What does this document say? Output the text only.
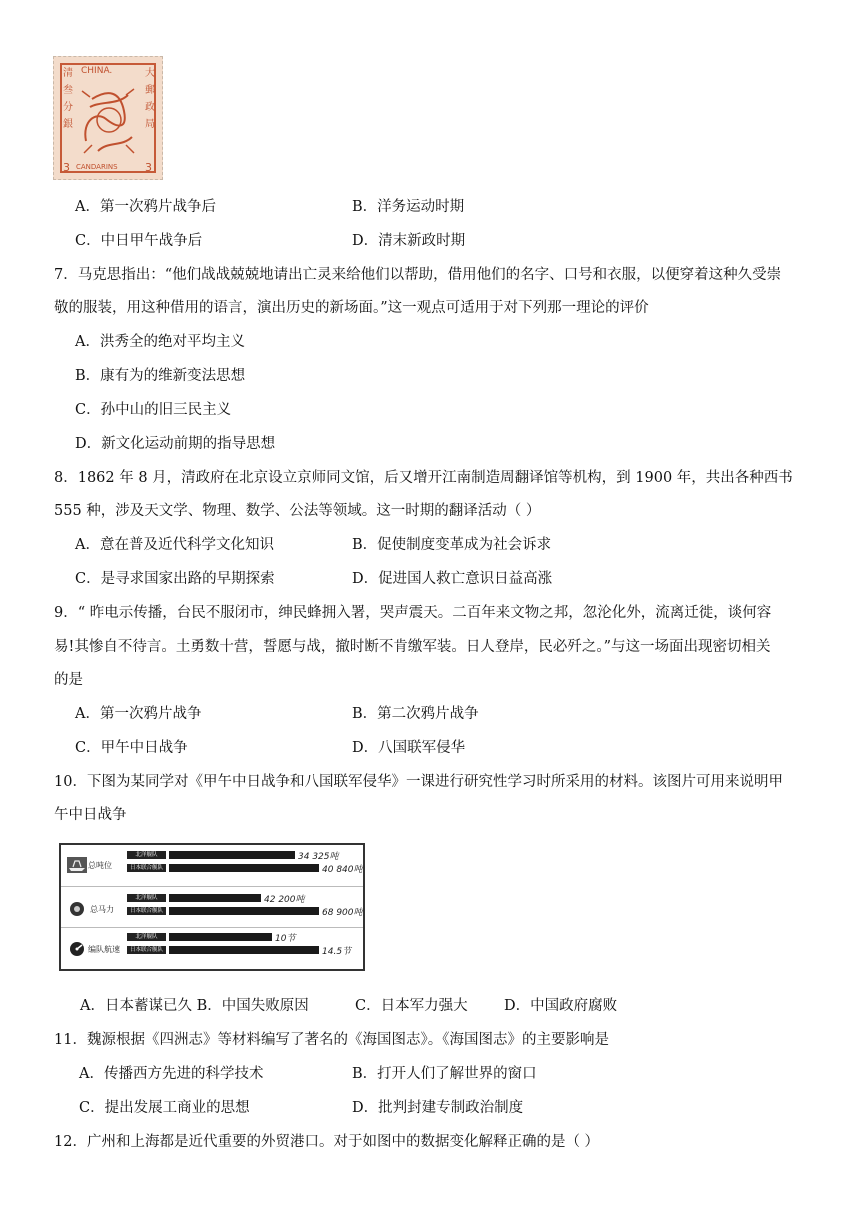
CHINA.
CANDARINS
3	3
清 叁分銀
大 郵政局
A．第一次鸦片战争后	B．洋务运动时期
C．中日甲午战争后	D．清末新政时期
7．马克思指出：“他们战战兢兢地请出亡灵来给他们以帮助，借用他们的名字、口号和衣服，以便穿着这种久受崇
敬的服装，用这种借用的语言，演出历史的新场面。”这一观点可适用于对下列那一理论的评价
A．洪秀全的绝对平均主义
B．康有为的维新变法思想
C．孙中山的旧三民主义
D．新文化运动前期的指导思想
8．1862 年 8 月，清政府在北京设立京师同文馆，后又增开江南制造周翻译馆等机构，到 1900 年，共出各种西书
555 种，涉及天文学、物理、数学、公法等领域。这一时期的翻译活动（ ）
A．意在普及近代科学文化知识	B．促使制度变革成为社会诉求
C．是寻求国家出路的早期探索	D．促进国人救亡意识日益高涨
9．“ 昨电示传播，台民不服闭市，绅民蜂拥入署，哭声震天。二百年来文物之邦，忽沦化外，流离迁徙，谈何容
易!其惨自不待言。土勇数十营，誓愿与战，撤时断不肯缴军装。日人登岸，民必歼之。”与这一场面出现密切相关
的是
A．第一次鸦片战争	B．第二次鸦片战争
C．甲午中日战争	D．八国联军侵华
10．下图为某同学对《甲午中日战争和八国联军侵华》一课进行研究性学习时所采用的材料。该图片可用来说明甲
午中日战争
总吨位
总马力
编队航速
北洋舰队	34 325吨
日本联合舰队	40 840吨
北洋舰队	42 200吨
日本联合舰队	68 900吨
北洋舰队	10节
日本联合舰队	14.5节
A．日本蓄谋已久 B．中国失败原因	C．日本军力强大	D．中国政府腐败
11．魏源根据《四洲志》等材料编写了著名的《海国图志》。《海国图志》的主要影响是
A．传播西方先进的科学技术	B．打开人们了解世界的窗口
C．提出发展工商业的思想	D．批判封建专制政治制度
12．广州和上海都是近代重要的外贸港口。对于如图中的数据变化解释正确的是（ ）
